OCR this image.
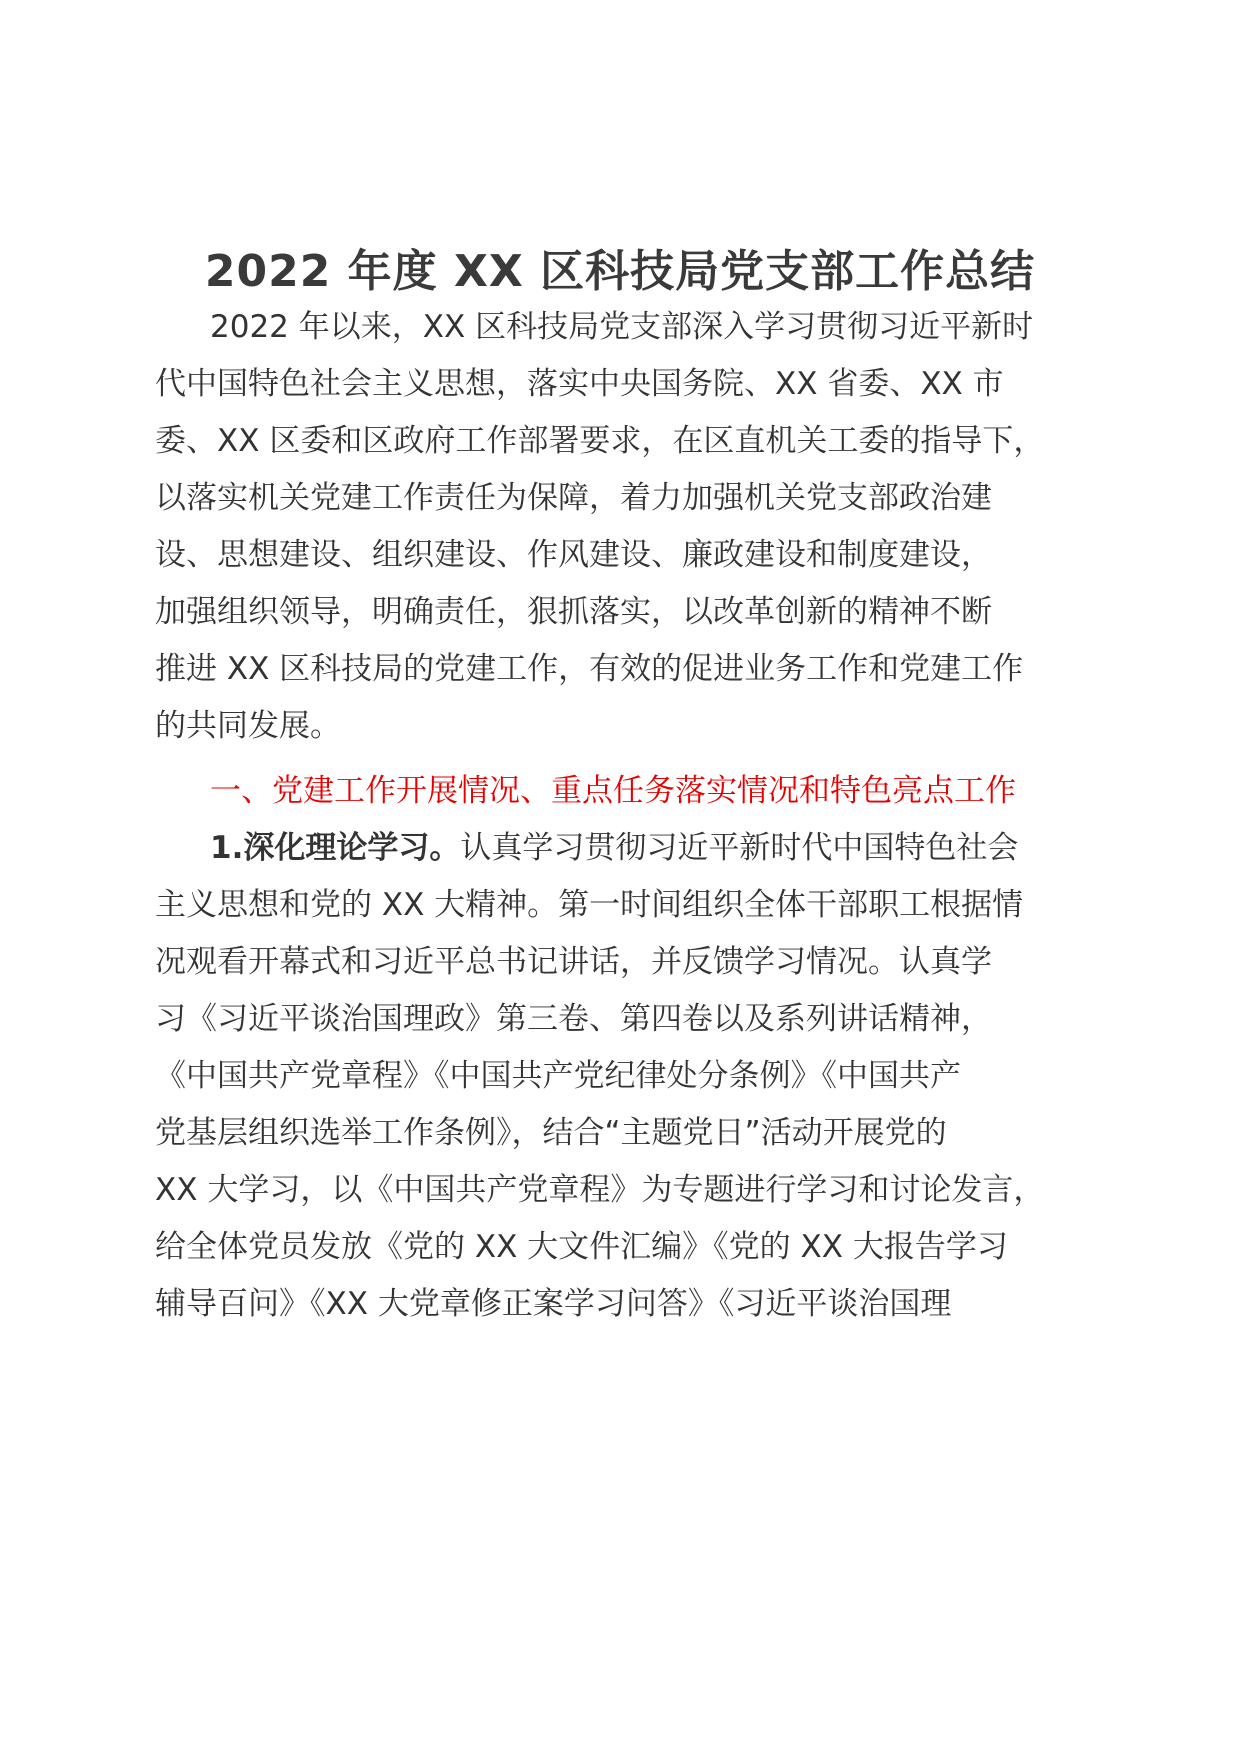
2022 年度 XX 区科技局党支部工作总结
2022 年以来，XX 区科技局党支部深入学习贯彻习近平新时
代中国特色社会主义思想，落实中央国务院、XX 省委、XX 市
委、XX 区委和区政府工作部署要求，在区直机关工委的指导下，
以落实机关党建工作责任为保障，着力加强机关党支部政治建
设、思想建设、组织建设、作风建设、廉政建设和制度建设，
加强组织领导，明确责任，狠抓落实，以改革创新的精神不断
推进 XX 区科技局的党建工作，有效的促进业务工作和党建工作
的共同发展。
一、党建工作开展情况、重点任务落实情况和特色亮点工作
1.深化理论学习。认真学习贯彻习近平新时代中国特色社会
主义思想和党的 XX 大精神。第一时间组织全体干部职工根据情
况观看开幕式和习近平总书记讲话，并反馈学习情况。认真学
习《习近平谈治国理政》第三卷、第四卷以及系列讲话精神，
《中国共产党章程》《中国共产党纪律处分条例》《中国共产
党基层组织选举工作条例》，结合“主题党日”活动开展党的
XX 大学习，以《中国共产党章程》为专题进行学习和讨论发言，
给全体党员发放《党的 XX 大文件汇编》《党的 XX 大报告学习
辅导百问》《XX 大党章修正案学习问答》《习近平谈治国理
